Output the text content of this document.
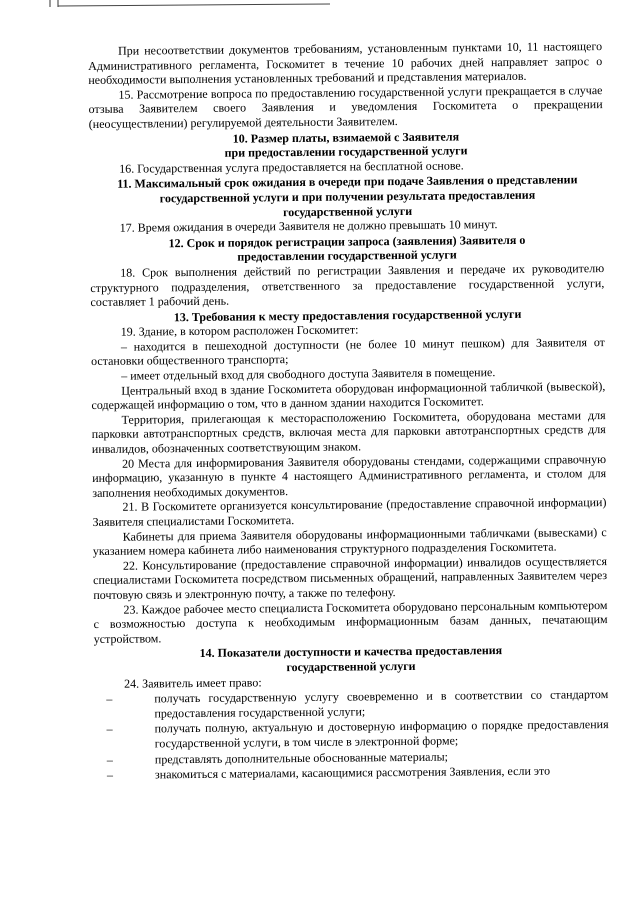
При несоответствии документов требованиям, установленным пунктами 10, 11 настоящего Административного регламента, Госкомитет в течение 10 рабочих дней направляет запрос о необходимости выполнения установленных требований и представления материалов.

15. Рассмотрение вопроса по предоставлению государственной услуги прекращается в случае отзыва Заявителем своего Заявления и уведомления Госкомитета о прекращении (неосуществлении) регулируемой деятельности Заявителем.

10. Размер платы, взимаемой с Заявителя
при предоставлении государственной услуги

16. Государственная услуга предоставляется на бесплатной основе.

11. Максимальный срок ожидания в очереди при подаче Заявления о представлении
государственной услуги и при получении результата предоставления
государственной услуги

17. Время ожидания в очереди Заявителя не должно превышать 10 минут.

12. Срок и порядок регистрации запроса (заявления) Заявителя о
предоставлении государственной услуги

18. Срок выполнения действий по регистрации Заявления и передаче их руководителю структурного подразделения, ответственного за предоставление государственной услуги, составляет 1 рабочий день.

13. Требования к месту предоставления государственной услуги

19. Здание, в котором расположен Госкомитет:

– находится в пешеходной доступности (не более 10 минут пешком) для Заявителя от остановки общественного транспорта;

– имеет отдельный вход для свободного доступа Заявителя в помещение.

Центральный вход в здание Госкомитета оборудован информационной табличкой (вывеской), содержащей информацию о том, что в данном здании находится Госкомитет.

Территория, прилегающая к месторасположению Госкомитета, оборудована местами для парковки автотранспортных средств, включая места для парковки автотранспортных средств для инвалидов, обозначенных соответствующим знаком.

20 Места для информирования Заявителя оборудованы стендами, содержащими справочную информацию, указанную в пункте 4 настоящего Административного регламента, и столом для заполнения необходимых документов.

21. В Госкомитете организуется консультирование (предоставление справочной информации) Заявителя специалистами Госкомитета.

Кабинеты для приема Заявителя оборудованы информационными табличками (вывесками) с указанием номера кабинета либо наименования структурного подразделения Госкомитета.

22. Консультирование (предоставление справочной информации) инвалидов осуществляется специалистами Госкомитета посредством письменных обращений, направленных Заявителем через почтовую связь и электронную почту, а также по телефону.

23. Каждое рабочее место специалиста Госкомитета оборудовано персональным компьютером с возможностью доступа к необходимым информационным базам данных, печатающим устройством.

14. Показатели доступности и качества предоставления
государственной услуги

24. Заявитель имеет право:

– получать государственную услугу своевременно и в соответствии со стандартом предоставления государственной услуги;
– получать полную, актуальную и достоверную информацию о порядке предоставления государственной услуги, в том числе в электронной форме;
– представлять дополнительные обоснованные материалы;
– знакомиться с материалами, касающимися рассмотрения Заявления, если это
